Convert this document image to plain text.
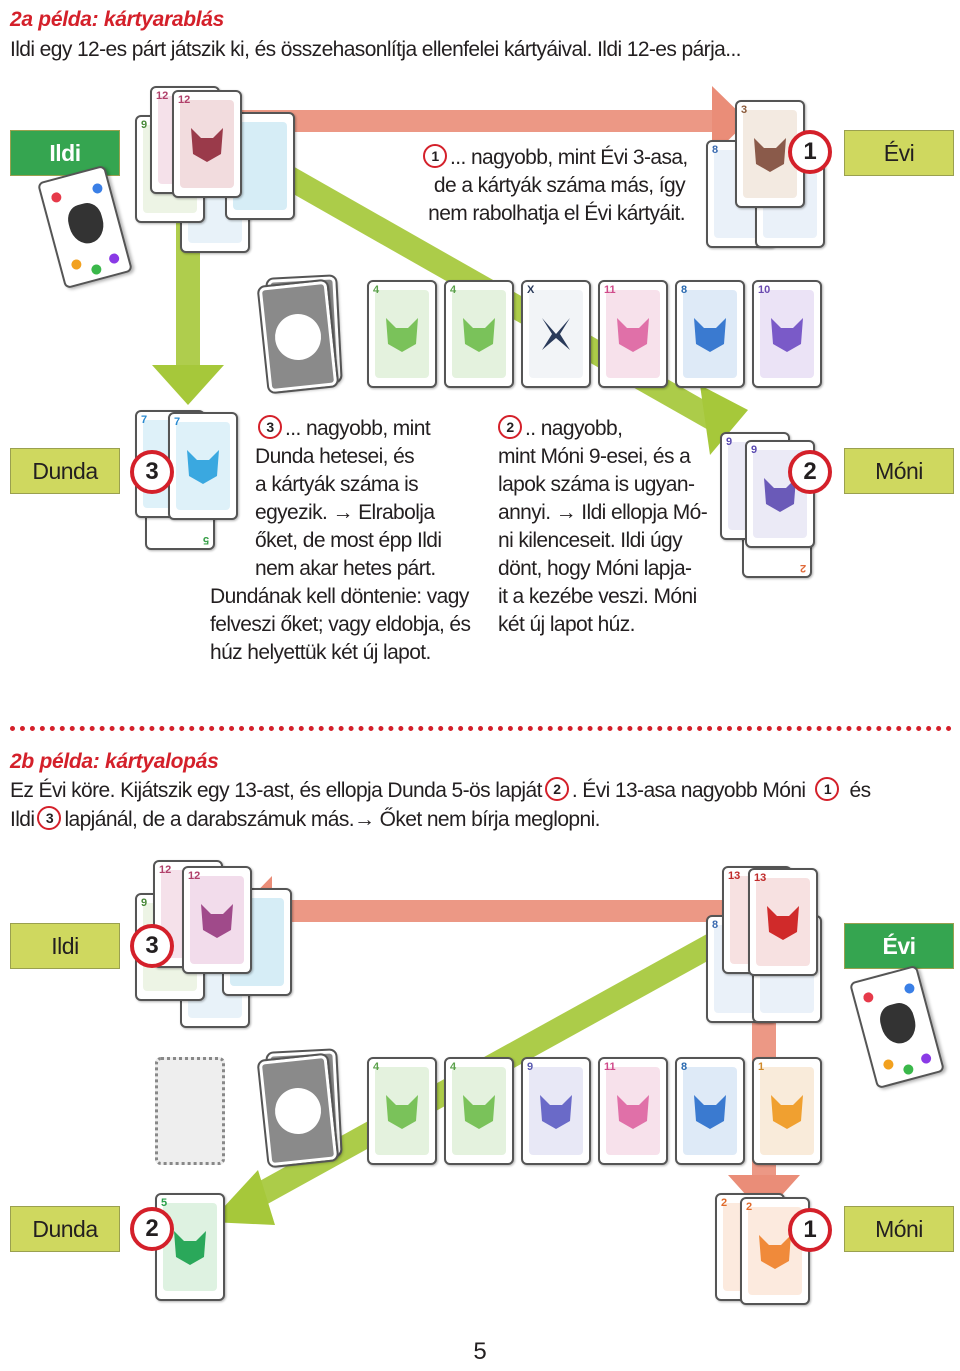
2a példa: kártyarablás
Ildi egy 12-es párt játszik ki, és összehasonlítja ellenfelei kártyáival. Ildi 12-es párja...
Ildi
9
12 12
8
3
1	Évi
1 ... nagyobb, mint Évi 3-asa,
de a kártyák száma más, így
nem rabolhatja el Évi kártyáit.
4	4	X	11	8	10
Dunda
5
7 7
3
3 ... nagyobb, mint
Dunda hetesei, és
a kártyák száma is
egyezik. → Elrabolja
őket, de most épp Ildi
nem akar hetes párt.
Dundának kell döntenie: vagy
felveszi őket; vagy eldobja, és
húz helyettük két új lapot.
2 .. nagyobb,
mint Móni 9-esei, és a
lapok száma is ugyan-
annyi. → Ildi ellopja Mó-
ni kilenceseit. Ildi úgy
dönt, hogy Móni lapja-
it a kezébe veszi. Móni
két új lapot húz.
2
9
9
2	Móni
2b példa: kártyalopás
Ez Évi köre. Kijátszik egy 13-ast, és ellopja Dunda 5-ös lapját 2 . Évi 13-asa nagyobb Móni 1 és
Ildi 3 lapjánál, de a darabszámuk más.→ Őket nem bírja meglopni.
Ildi
9
12 12
3
8
13 13
Évi
4	4	9	11	8	1
Dunda
5
2
2 2
1	Móni
5
